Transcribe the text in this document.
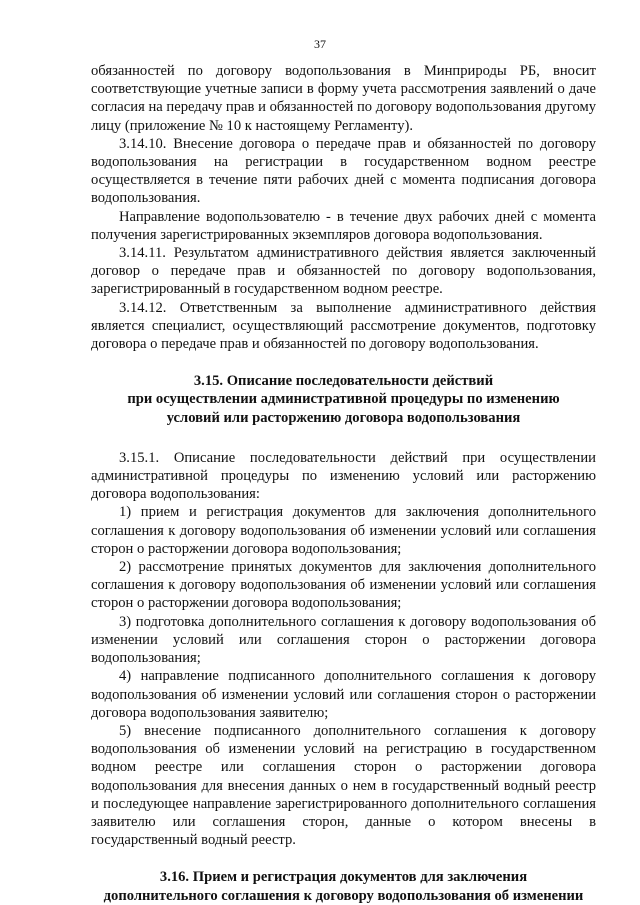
37

обязанностей по договору водопользования в Минприроды РБ, вносит соответствующие учетные записи в форму учета рассмотрения заявлений о даче согласия на передачу прав и обязанностей по договору водопользования другому лицу (приложение № 10 к настоящему Регламенту).

3.14.10. Внесение договора о передаче прав и обязанностей по договору водопользования на регистрации в государственном водном реестре осуществляется в течение пяти рабочих дней с момента подписания договора водопользования.

Направление водопользователю - в течение двух рабочих дней с момента получения зарегистрированных экземпляров договора водопользования.

3.14.11. Результатом административного действия является заключенный договор о передаче прав и обязанностей по договору водопользования, зарегистрированный в государственном водном реестре.

3.14.12. Ответственным за выполнение административного действия является специалист, осуществляющий рассмотрение документов, подготовку договора о передаче прав и обязанностей по договору водопользования.

3.15. Описание последовательности действий
при осуществлении административной процедуры по изменению
условий или расторжению договора водопользования

3.15.1. Описание последовательности действий при осуществлении административной процедуры по изменению условий или расторжению договора водопользования:

1) прием и регистрация документов для заключения дополнительного соглашения к договору водопользования об изменении условий или соглашения сторон о расторжении договора водопользования;

2) рассмотрение принятых документов для заключения дополнительного соглашения к договору водопользования об изменении условий или соглашения сторон о расторжении договора водопользования;

3) подготовка дополнительного соглашения к договору водопользования об изменении условий или соглашения сторон о расторжении договора водопользования;

4) направление подписанного дополнительного соглашения к договору водопользования об изменении условий или соглашения сторон о расторжении договора водопользования заявителю;

5) внесение подписанного дополнительного соглашения к договору водопользования об изменении условий на регистрацию в государственном водном реестре или соглашения сторон о расторжении договора водопользования для внесения данных о нем в государственный водный реестр и последующее направление зарегистрированного дополнительного соглашения заявителю или соглашения сторон, данные о котором внесены в государственный водный реестр.

3.16. Прием и регистрация документов для заключения
дополнительного соглашения к договору водопользования об изменении
